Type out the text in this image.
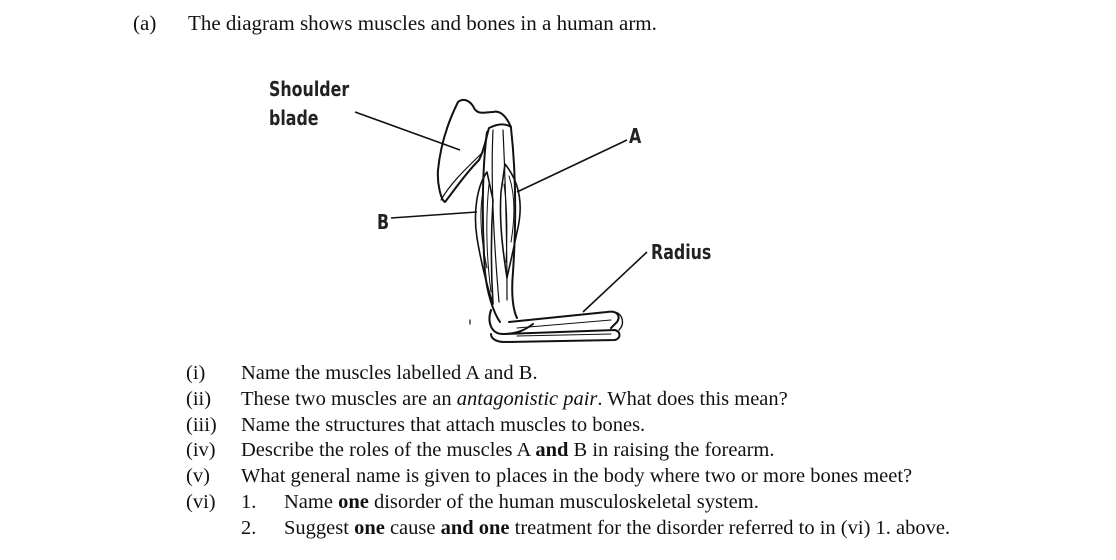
(a) The diagram shows muscles and bones in a human arm.
Shoulder
blade
A
B
Radius
(i) Name the muscles labelled A and B.
(ii) These two muscles are an antagonistic pair. What does this mean?
(iii) Name the structures that attach muscles to bones.
(iv) Describe the roles of the muscles A and B in raising the forearm.
(v) What general name is given to places in the body where two or more bones meet?
(vi) 1. Name one disorder of the human musculoskeletal system.
2. Suggest one cause and one treatment for the disorder referred to in (vi) 1. above.
